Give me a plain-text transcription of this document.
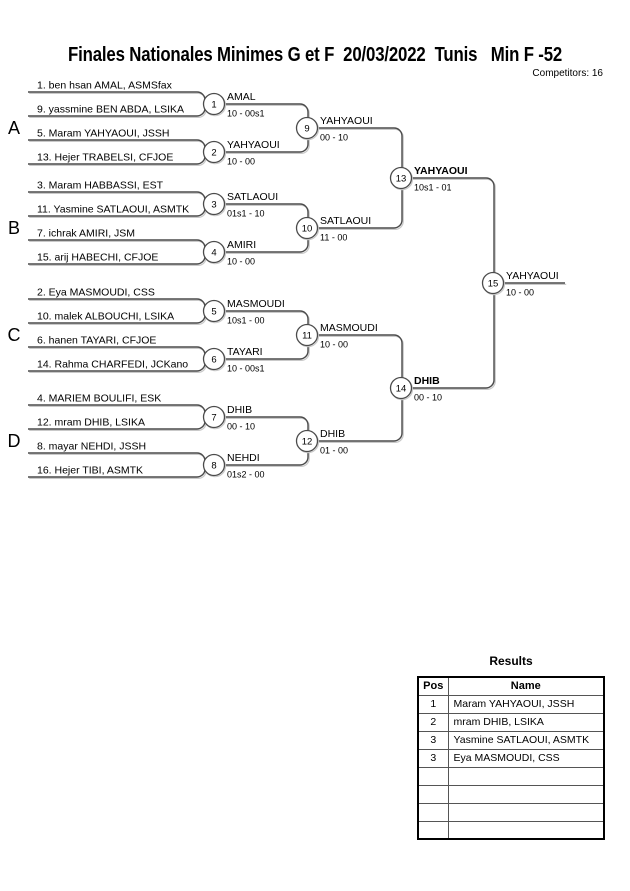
Finales Nationales Minimes G et F  20/03/2022  Tunis   Min F -52
Competitors: 16
A
B
C
D
1. ben hsan AMAL, ASMSfax
9. yassmine BEN ABDA, LSIKA
5. Maram YAHYAOUI, JSSH
13. Hejer TRABELSI, CFJOE
3. Maram HABBASSI, EST
11. Yasmine SATLAOUI, ASMTK
7. ichrak AMIRI, JSM
15. arij HABECHI, CFJOE
2. Eya MASMOUDI, CSS
10. malek ALBOUCHI, LSIKA
6. hanen TAYARI, CFJOE
14. Rahma CHARFEDI, JCKano
4. MARIEM BOULIFI, ESK
12. mram DHIB, LSIKA
8. mayar NEHDI, JSSH
16. Hejer TIBI, ASMTK
1
AMAL
10 - 00s1
2
YAHYAOUI
10 - 00
3
SATLAOUI
01s1 - 10
4
AMIRI
10 - 00
5
MASMOUDI
10s1 - 00
6
TAYARI
10 - 00s1
7
DHIB
00 - 10
8
NEHDI
01s2 - 00
9
YAHYAOUI
00 - 10
10
SATLAOUI
11 - 00
11
MASMOUDI
10 - 00
12
DHIB
01 - 00
13
YAHYAOUI
10s1 - 01
14
DHIB
00 - 10
15
YAHYAOUI
10 - 00
Results
Pos	Name
1	Maram YAHYAOUI, JSSH
2	mram DHIB, LSIKA
3	Yasmine SATLAOUI, ASMTK
3	Eya MASMOUDI, CSS
